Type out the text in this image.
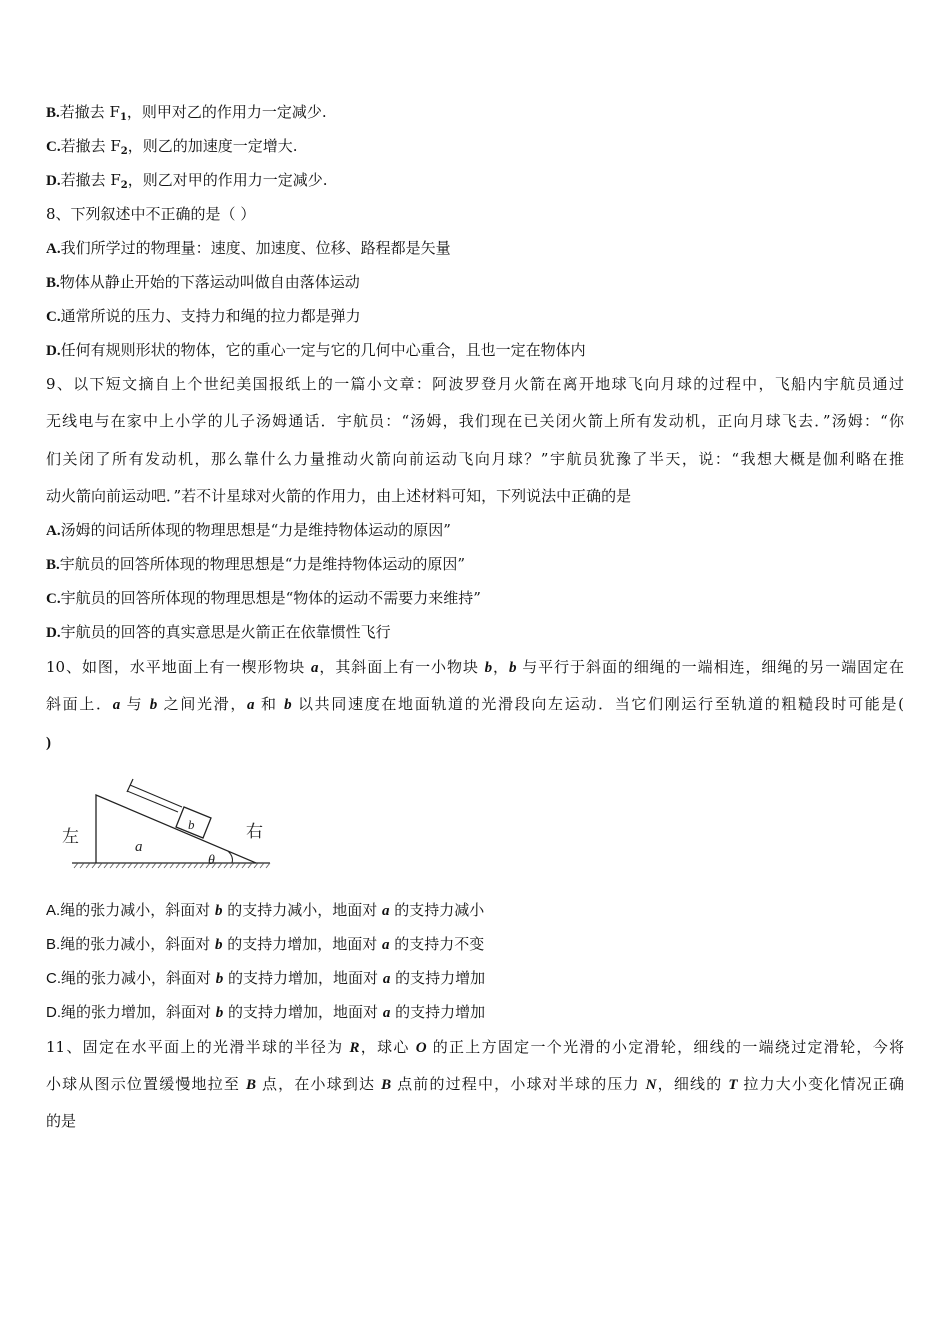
B.若撤去 $F_1$，则甲对乙的作用力一定减少.
C.若撤去 $F_2$，则乙的加速度一定增大.
D.若撤去 $F_2$，则乙对甲的作用力一定减少.
8、下列叙述中不正确的是（ ）
A.我们所学过的物理量：速度、加速度、位移、路程都是矢量
B.物体从静止开始的下落运动叫做自由落体运动
C.通常所说的压力、支持力和绳的拉力都是弹力
D.任何有规则形状的物体，它的重心一定与它的几何中心重合，且也一定在物体内
9、以下短文摘自上个世纪美国报纸上的一篇小文章：阿波罗登月火箭在离开地球飞向月球的过程中，飞船内宇航员通过
无线电与在家中上小学的儿子汤姆通话．宇航员：“汤姆，我们现在已关闭火箭上所有发动机，正向月球飞去．”汤姆：“你
们关闭了所有发动机，那么靠什么力量推动火箭向前运动飞向月球？”宇航员犹豫了半天，说：“我想大概是伽利略在推
动火箭向前运动吧．”若不计星球对火箭的作用力，由上述材料可知，下列说法中正确的是
A.汤姆的问话所体现的物理思想是“力是维持物体运动的原因”
B.宇航员的回答所体现的物理思想是“力是维持物体运动的原因”
C.宇航员的回答所体现的物理思想是“物体的运动不需要力来维持”
D.宇航员的回答的真实意思是火箭正在依靠惯性飞行
10、如图，水平地面上有一楔形物块 a，其斜面上有一小物块 b，b 与平行于斜面的细绳的一端相连，细绳的另一端固定在
斜面上．a 与 b 之间光滑，a 和 b 以共同速度在地面轨道的光滑段向左运动．当它们刚运行至轨道的粗糙段时可能是(
)
左	右
a
b
θ
A.绳的张力减小，斜面对 b 的支持力减小，地面对 a 的支持力减小
B.绳的张力减小，斜面对 b 的支持力增加，地面对 a 的支持力不变
C.绳的张力减小，斜面对 b 的支持力增加，地面对 a 的支持力增加
D.绳的张力增加，斜面对 b 的支持力增加，地面对 a 的支持力增加
11、固定在水平面上的光滑半球的半径为 R，球心 O 的正上方固定一个光滑的小定滑轮，细线的一端绕过定滑轮，今将
小球从图示位置缓慢地拉至 B 点，在小球到达 B 点前的过程中，小球对半球的压力 N，细线的 T 拉力大小变化情况正确
的是
